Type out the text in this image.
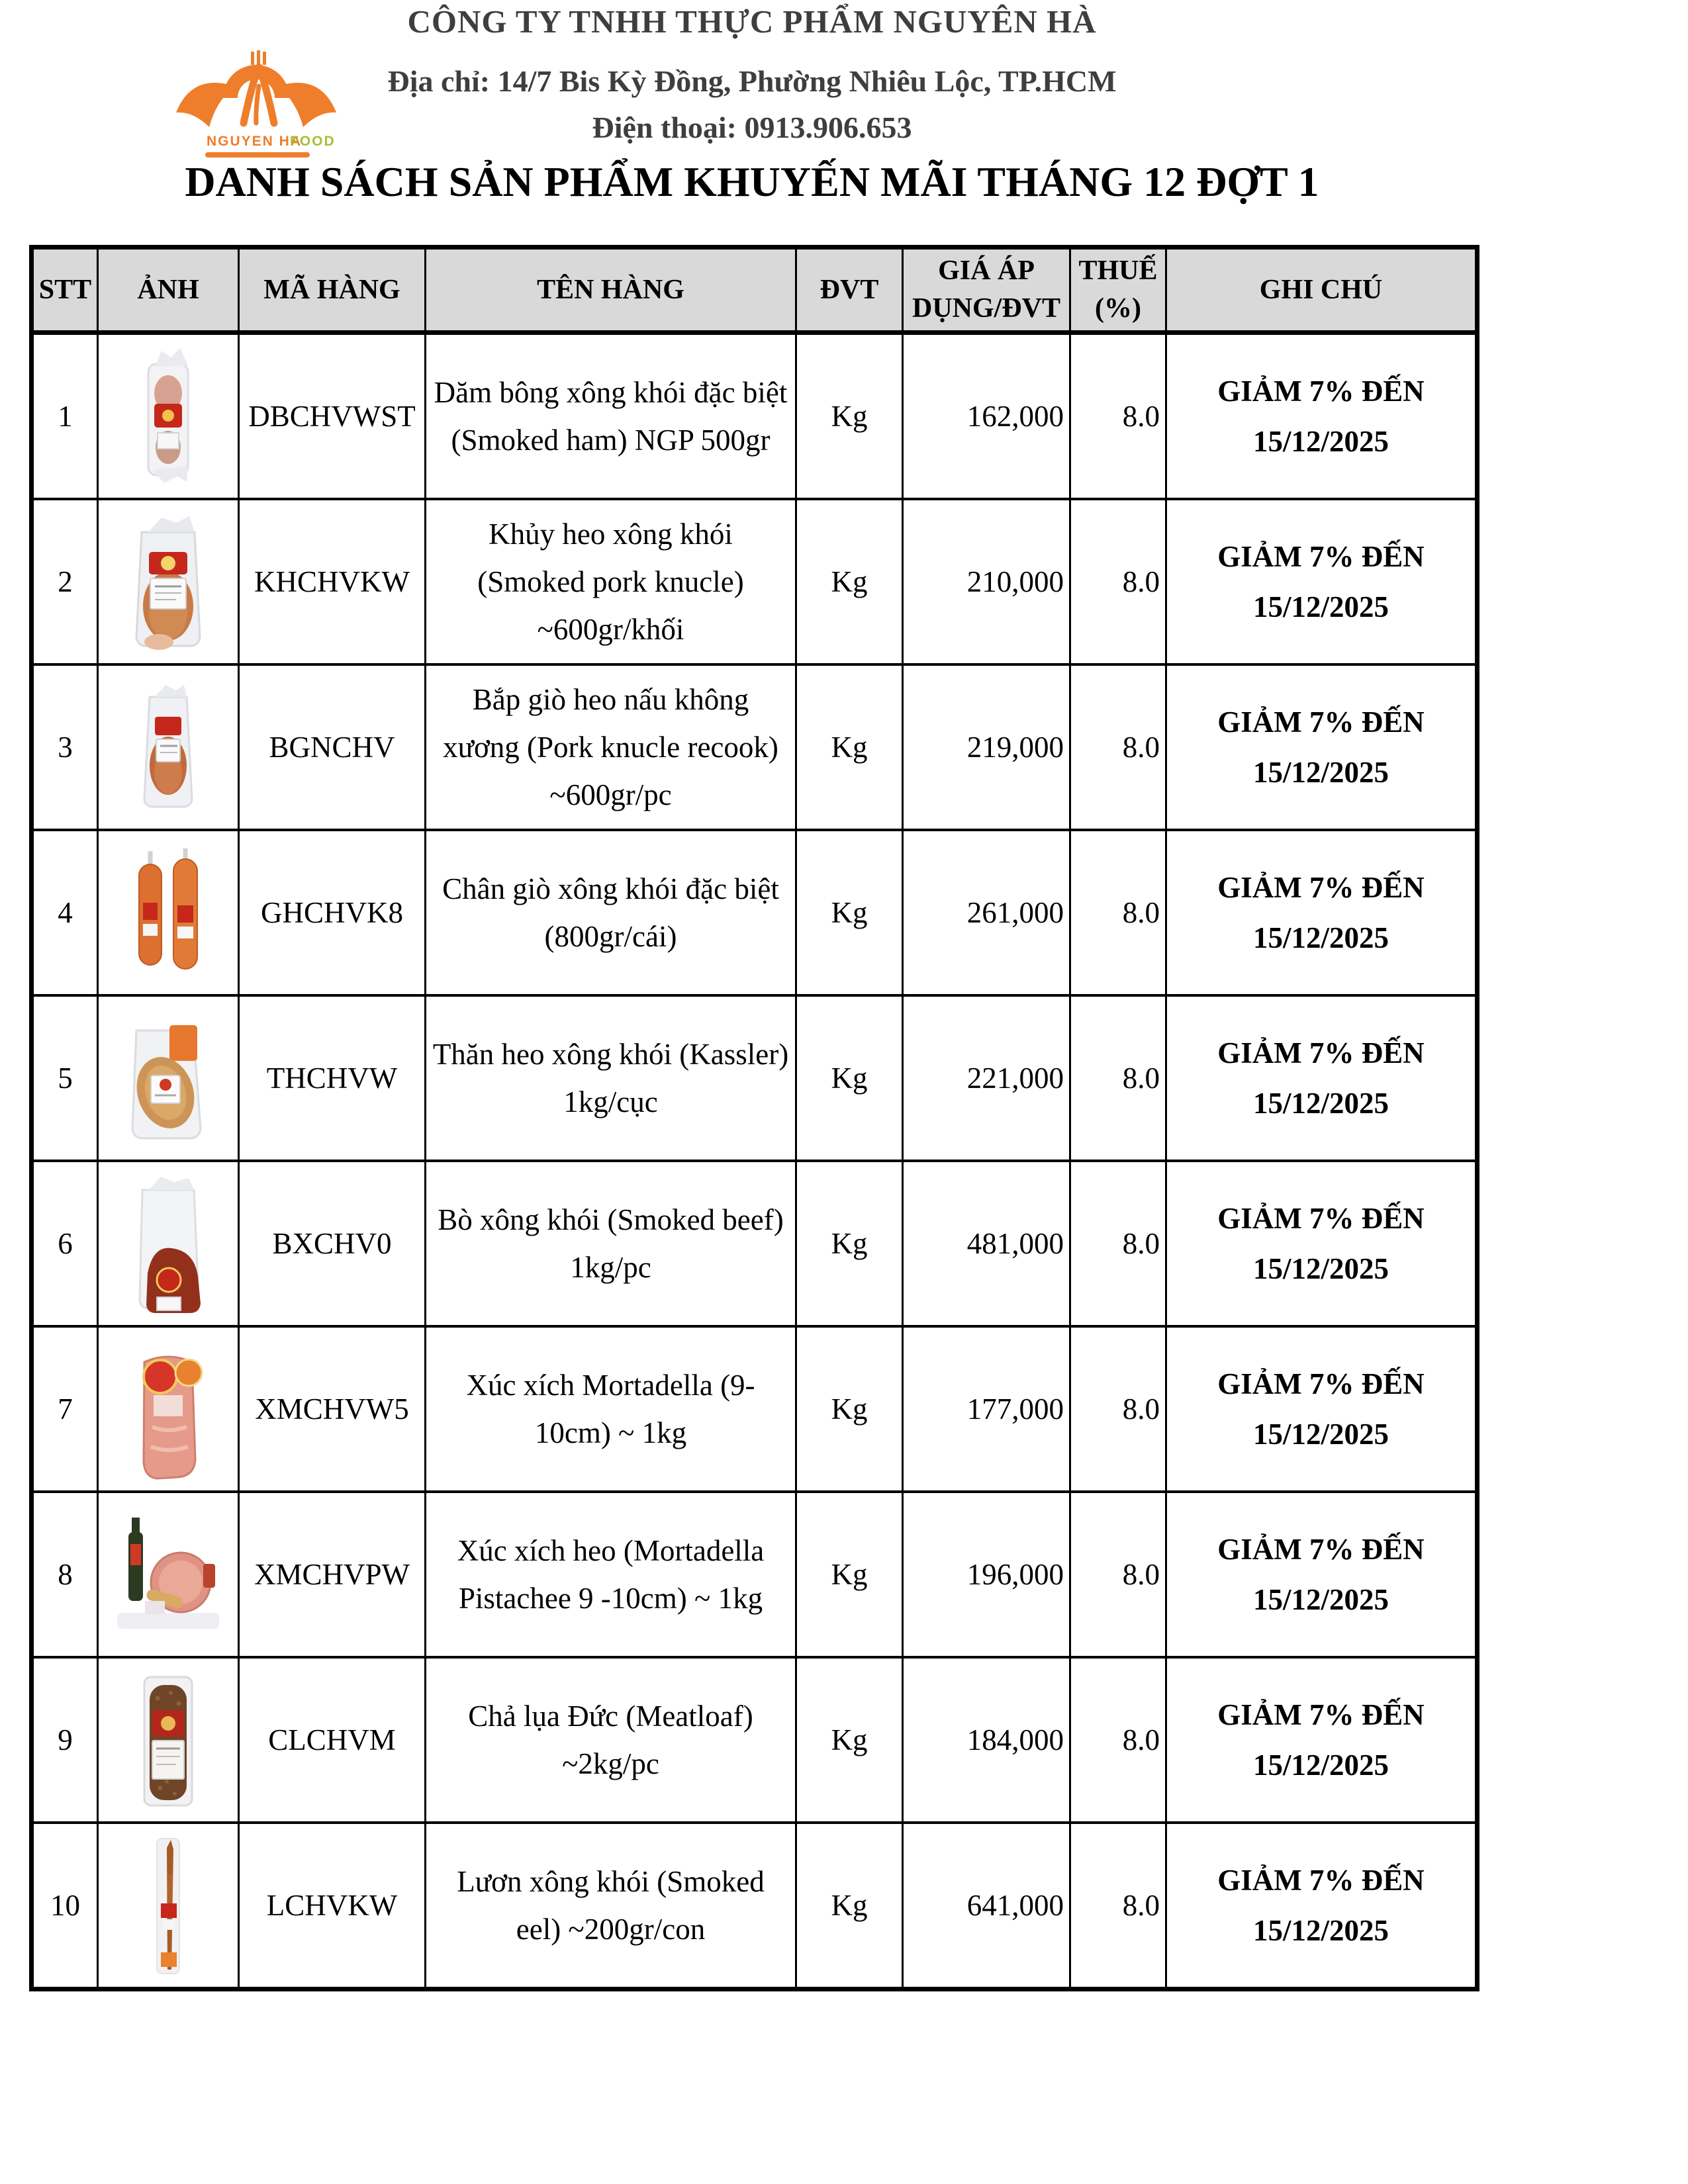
CÔNG TY TNHH THỰC PHẨM NGUYÊN HÀ
Địa chỉ: 14/7 Bis Kỳ Đồng, Phường Nhiêu Lộc, TP.HCM
Điện thoại: 0913.906.653
NGUYEN HA
FOOD
DANH SÁCH SẢN PHẨM KHUYẾN MÃI THÁNG 12 ĐỢT 1
STT	ẢNH	MÃ HÀNG	TÊN HÀNG	ĐVT	GIÁ ÁP DỤNG/ĐVT	THUẾ (%)	GHI CHÚ
1		DBCHVWST	Dăm bông xông khói đặc biệt (Smoked ham) NGP 500gr	Kg	162,000	8.0	GIẢM 7% ĐẾN 15/12/2025
2		KHCHVKW	Khủy heo xông khói (Smoked pork knucle) ~600gr/khối	Kg	210,000	8.0	GIẢM 7% ĐẾN 15/12/2025
3		BGNCHV	Bắp giò heo nấu không xương (Pork knucle recook) ~600gr/pc	Kg	219,000	8.0	GIẢM 7% ĐẾN 15/12/2025
4		GHCHVK8	Chân giò xông khói đặc biệt (800gr/cái)	Kg	261,000	8.0	GIẢM 7% ĐẾN 15/12/2025
5		THCHVW	Thăn heo xông khói (Kassler) 1kg/cục	Kg	221,000	8.0	GIẢM 7% ĐẾN 15/12/2025
6		BXCHV0	Bò xông khói (Smoked beef) 1kg/pc	Kg	481,000	8.0	GIẢM 7% ĐẾN 15/12/2025
7		XMCHVW5	Xúc xích Mortadella (9-10cm) ~ 1kg	Kg	177,000	8.0	GIẢM 7% ĐẾN 15/12/2025
8		XMCHVPW	Xúc xích heo (Mortadella Pistachee 9 -10cm) ~ 1kg	Kg	196,000	8.0	GIẢM 7% ĐẾN 15/12/2025
9		CLCHVM	Chả lụa Đức (Meatloaf) ~2kg/pc	Kg	184,000	8.0	GIẢM 7% ĐẾN 15/12/2025
10		LCHVKW	Lươn xông khói (Smoked eel) ~200gr/con	Kg	641,000	8.0	GIẢM 7% ĐẾN 15/12/2025
